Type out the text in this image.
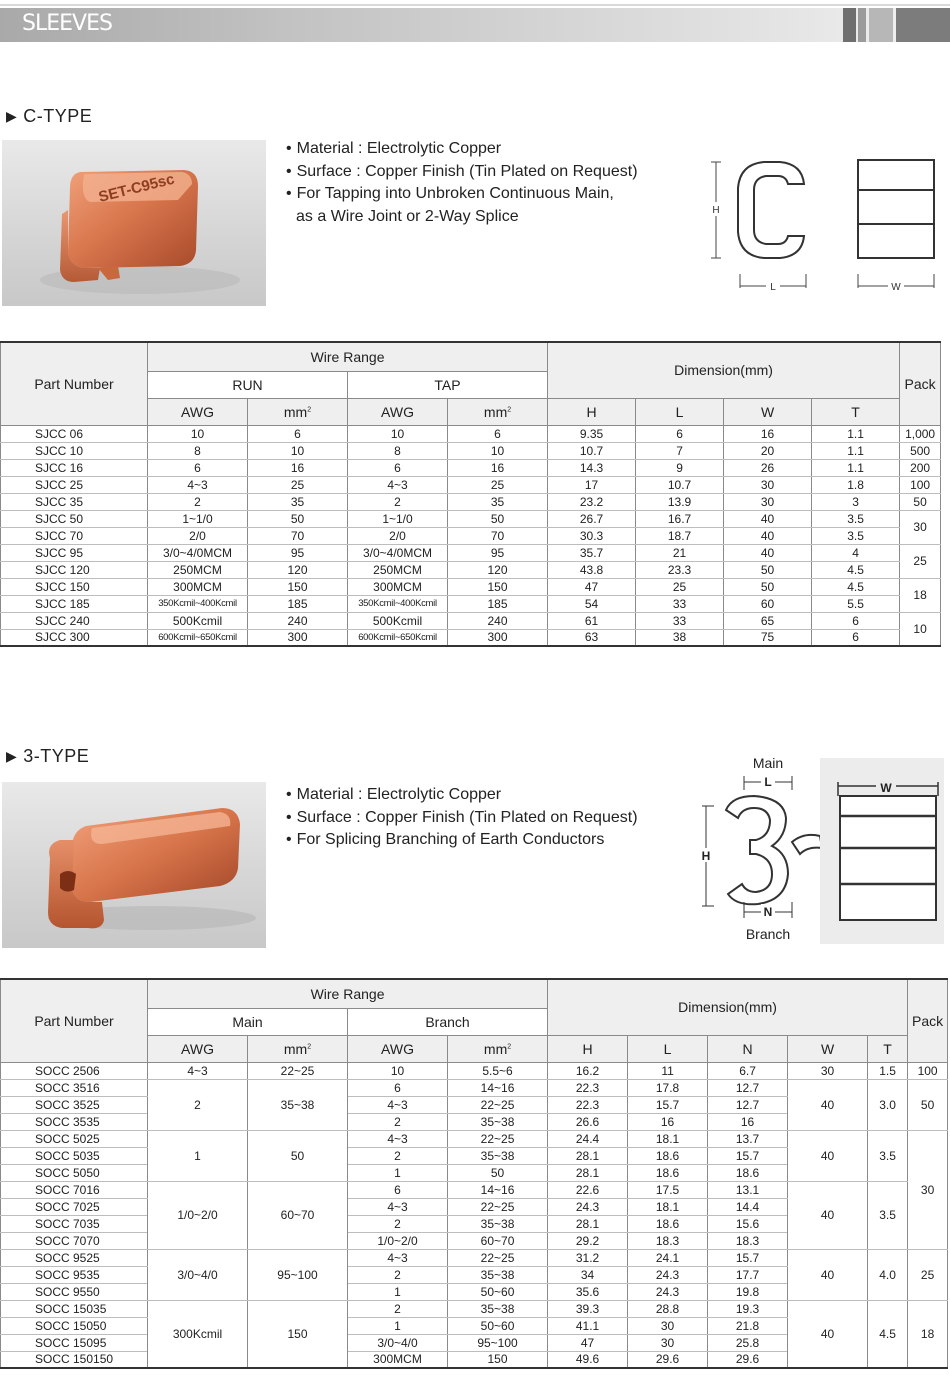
SLEEVES
▶ C-TYPE
SET-C95sc
• Material : Electrolytic Copper
• Surface : Copper Finish (Tin Plated on Request)
• For Tapping into Unbroken Continuous Main,
as a Wire Joint or 2-Way Splice	H
L	W
Part Number	Wire Range				Dimension(mm)				Pack
	RUN		TAP						
	AWG	$mm^2$	AWG	$mm^2$	H	L	W	T	
SJCC 06	10	6	10	6	9.35	6	16	1.1	1,000
SJCC 10	8	10	8	10	10.7	7	20	1.1	500
SJCC 16	6	16	6	16	14.3	9	26	1.1	200
SJCC 25	4~3	25	4~3	25	17	10.7	30	1.8	100
SJCC 35	2	35	2	35	23.2	13.9	30	3	50
SJCC 50	1~1/0	50	1~1/0	50	26.7	16.7	40	3.5	30
SJCC 70	2/0	70	2/0	70	30.3	18.7	40	3.5	
SJCC 95	3/0~4/0MCM	95	3/0~4/0MCM	95	35.7	21	40	4	25
SJCC 120	250MCM	120	250MCM	120	43.8	23.3	50	4.5	
SJCC 150	300MCM	150	300MCM	150	47	25	50	4.5	18
SJCC 185	350Kcmil~400Kcmil	185	350Kcmil~400Kcmil	185	54	33	60	5.5	
SJCC 240	500Kcmil	240	500Kcmil	240	61	33	65	6	10
SJCC 300	600Kcmil~650Kcmil	300	600Kcmil~650Kcmil	300	63	38	75	6	
▶ 3-TYPE
• Material : Electrolytic Copper
• Surface : Copper Finish (Tin Plated on Request)
• For Splicing Branching of Earth Conductors
Main
L
H
N
Branch
W
Part Number	Wire Range				Dimension(mm)					Pack
	Main		Branch							
	AWG	$mm^2$	AWG	$mm^2$	H	L	N	W	T	
SOCC 2506	4~3	22~25	10	5.5~6	16.2	11	6.7	30	1.5	100
SOCC 3516	2	35~38	6	14~16	22.3	17.8	12.7	40	3.0	50
SOCC 3525			4~3	22~25	22.3	15.7	12.7			
SOCC 3535			2	35~38	26.6	16	16			
SOCC 5025	1	50	4~3	22~25	24.4	18.1	13.7	40	3.5	30
SOCC 5035			2	35~38	28.1	18.6	15.7			
SOCC 5050			1	50	28.1	18.6	18.6			
SOCC 7016	1/0~2/0	60~70	6	14~16	22.6	17.5	13.1	40	3.5	
SOCC 7025			4~3	22~25	24.3	18.1	14.4			
SOCC 7035			2	35~38	28.1	18.6	15.6			
SOCC 7070			1/0~2/0	60~70	29.2	18.3	18.3			
SOCC 9525	3/0~4/0	95~100	4~3	22~25	31.2	24.1	15.7	40	4.0	25
SOCC 9535			2	35~38	34	24.3	17.7			
SOCC 9550			1	50~60	35.6	24.3	19.8			
SOCC 15035	300Kcmil	150	2	35~38	39.3	28.8	19.3	40	4.5	18
SOCC 15050			1	50~60	41.1	30	21.8			
SOCC 15095			3/0~4/0	95~100	47	30	25.8			
SOCC 150150			300MCM	150	49.6	29.6	29.6			
